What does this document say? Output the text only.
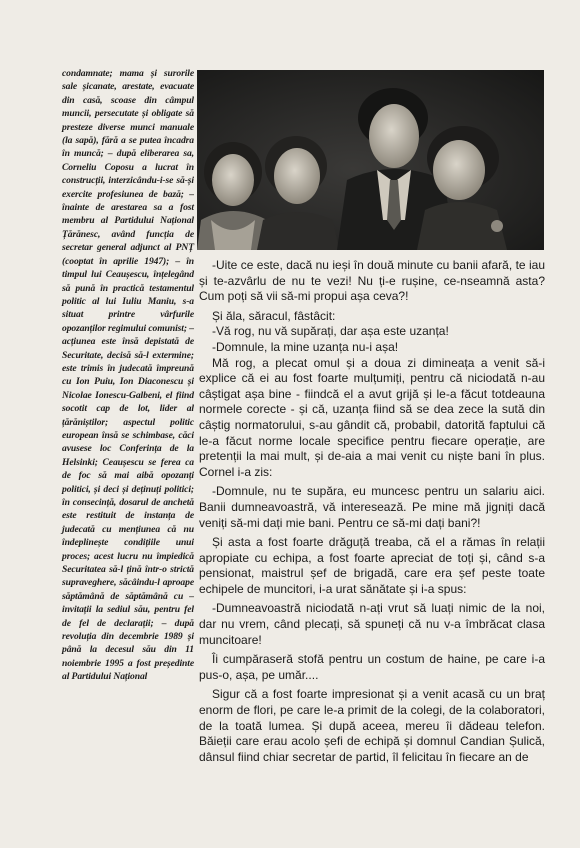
condamnate; mama și surorile sale șicanate, arestate, evacuate din casă, scoase din câmpul muncii, persecutate și obligate să presteze diverse munci manuale (la sapă), fără a se putea încadra în muncă; – după eliberarea sa, Corneliu Coposu a lucrat în construcții, interzicându-i-se să-și exercite profesiunea de bază; – înainte de arestarea sa a fost membru al Partidului Național Țărănesc, având funcția de secretar general adjunct al PNȚ (cooptat în aprilie 1947); – în timpul lui Ceaușescu, înțelegând să pună în practică testamentul politic al lui Iuliu Maniu, s-a situat printre vârfurile opozanților regimului comunist; – acțiunea este însă depistată de Securitate, decisă să-l extermine; este trimis în judecată împreună cu Ion Puiu, Ion Diaconescu și Nicolae Ionescu-Galbeni, el fiind socotit cap de lot, lider al țărăniștilor; aspectul politic european însă se schimbase, căci avusese loc Conferința de la Helsinki; Ceaușescu se ferea ca de foc să mai aibă opozanți politici, și deci și deținuți politici; în consecință, dosarul de anchetă este restituit de instanța de judecată cu mențiunea că nu îndeplinește condițiile unui proces; acest lucru nu împiedică Securitatea să-l țină într-o strictă supraveghere, săcâindu-l aproape săptămână de săptămână cu – invitații la sediul său, pentru fel de fel de declarații; – după revoluția din decembrie 1989 și până la decesul său din 11 noiembrie 1995 a fost președinte al Partidului Național

-Uite ce este, dacă nu ieși în două minute cu banii afară, te iau și te-azvârlu de nu te vezi! Nu ți-e rușine, ce-nseamnă asta? Cum poți să vii să-mi propui așa ceva?!

Și ăla, săracul, fâstâcit:

-Vă rog, nu vă supărați, dar așa este uzanța!

-Domnule, la mine uzanța nu-i așa!

Mă rog, a plecat omul și a doua zi dimineața a venit să-i explice că ei au fost foarte mulțumiți, pentru că niciodată n-au câștigat așa bine - fiindcă el a avut grijă și le-a făcut totdeauna normele corecte - și că, uzanța fiind să se dea zece la sută din câștig normatorului, s-au gândit că, probabil, datorită faptului că le-a făcut norme locale specifice pentru fiecare operație, are pretenții la mai mult, și de-aia a mai venit cu niște bani în plus. Cornel i-a zis:

-Domnule, nu te supăra, eu muncesc pentru un salariu aici. Banii dumneavoastră, vă interesează. Pe mine mă jigniți dacă veniți să-mi dați mie bani. Pentru ce să-mi dați bani?!

Și asta a fost foarte drăguță treaba, că el a rămas în relații apropiate cu echipa, a fost foarte apreciat de toți și, când s-a pensionat, maistrul șef de brigadă, care era șef peste toate echipele de muncitori, i-a urat sănătate și i-a spus:

-Dumneavoastră niciodată n-ați vrut să luați nimic de la noi, dar nu vrem, când plecați, să spuneți că nu v-a îmbrăcat clasa muncitoare!

Îi cumpăraseră stofă pentru un costum de haine, pe care i-a pus-o, așa, pe umăr....

Sigur că a fost foarte impresionat și a venit acasă cu un braț enorm de flori, pe care le-a primit de la colegi, de la colaboratori, de la toată lumea. Și după aceea, mereu îi dădeau telefon. Băieții care erau acolo șefi de echipă și domnul Candian Șulică, dânsul fiind chiar secretar de partid, îl felicitau în fiecare an de
